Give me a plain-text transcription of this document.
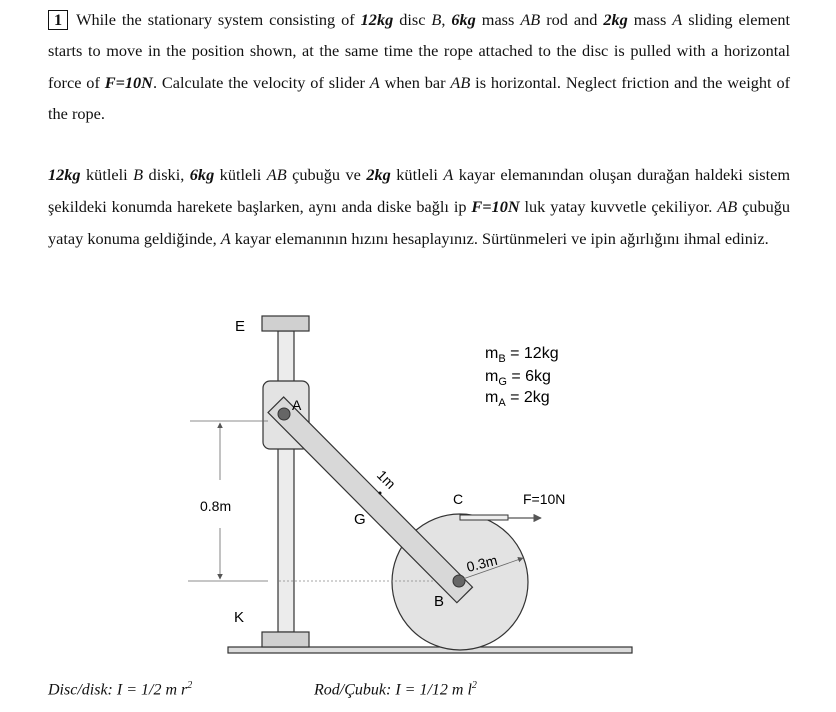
1 While the stationary system consisting of 12kg disc B, 6kg mass AB rod and 2kg mass A sliding element starts to move in the position shown, at the same time the rope attached to the disc is pulled with a horizontal force of F=10N. Calculate the velocity of slider A when bar AB is horizontal. Neglect friction and the weight of the rope.
12kg kütleli B diski, 6kg kütleli AB çubuğu ve 2kg kütleli A kayar elemanından oluşan durağan haldeki sistem şekildeki konumda harekete başlarken, aynı anda diske bağlı ip F=10N luk yatay kuvvetle çekiliyor. AB çubuğu yatay konuma geldiğinde, A kayar elemanının hızını hesaplayınız. Sürtünmeleri ve ipin ağırlığını ihmal ediniz.
0.8m
0.3m
1m
E
K
A
B
C
G
F=10N
$m_B = 12kg$
$m_G = 6kg$
$m_A = 2kg$
Disc/disk: I = 1/2 m $r^2$	Rod/Çubuk: I = 1/12 m $l^2$
